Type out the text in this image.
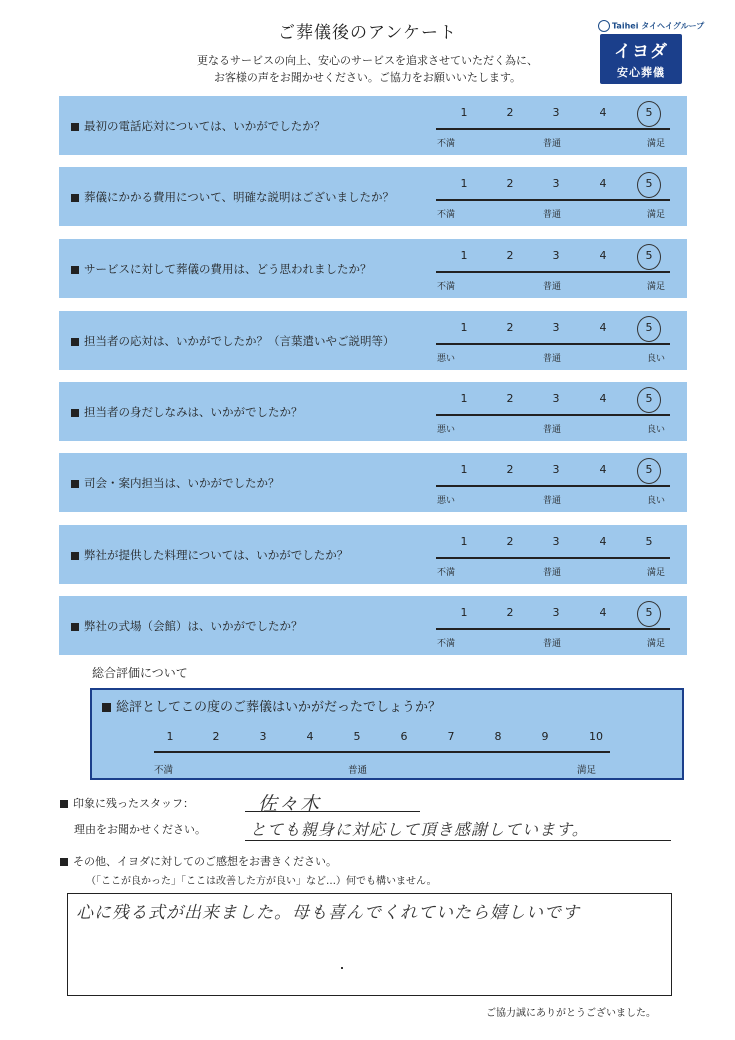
ご葬儀後のアンケート
更なるサービスの向上、安心のサービスを追求させていただく為に、
お客様の声をお聞かせください。ご協力をお願いいたします。
Taihei タイヘイグループ
イヨダ
安心葬儀
最初の電話応対については、いかがでしたか？
1	2	3	4	5
不満	普通	満足
葬儀にかかる費用について、明確な説明はございましたか？
1	2	3	4	5
不満	普通	満足
サービスに対して葬儀の費用は、どう思われましたか？
1	2	3	4	5
不満	普通	満足
担当者の応対は、いかがでしたか？（言葉遣いやご説明等）
1	2	3	4	5
悪い	普通	良い
担当者の身だしなみは、いかがでしたか？
1	2	3	4	5
悪い	普通	良い
司会・案内担当は、いかがでしたか？
1	2	3	4	5
悪い	普通	良い
弊社が提供した料理については、いかがでしたか？
1	2	3	4	5
不満	普通	満足
弊社の式場（会館）は、いかがでしたか？
1	2	3	4	5
不満	普通	満足
総合評価について
総評としてこの度のご葬儀はいかがだったでしょうか？
1	2	3	4	5	6	7	8	9	10
不満	普通	満足
印象に残ったスタッフ：	佐々木
理由をお聞かせください。	とても親身に対応して頂き感謝しています。
その他、イヨダに対してのご感想をお書きください。
（「ここが良かった」「ここは改善した方が良い」など…）何でも構いません。
心に残る式が出来ました。母も喜んでくれていたら嬉しいです
ご協力誠にありがとうございました。
